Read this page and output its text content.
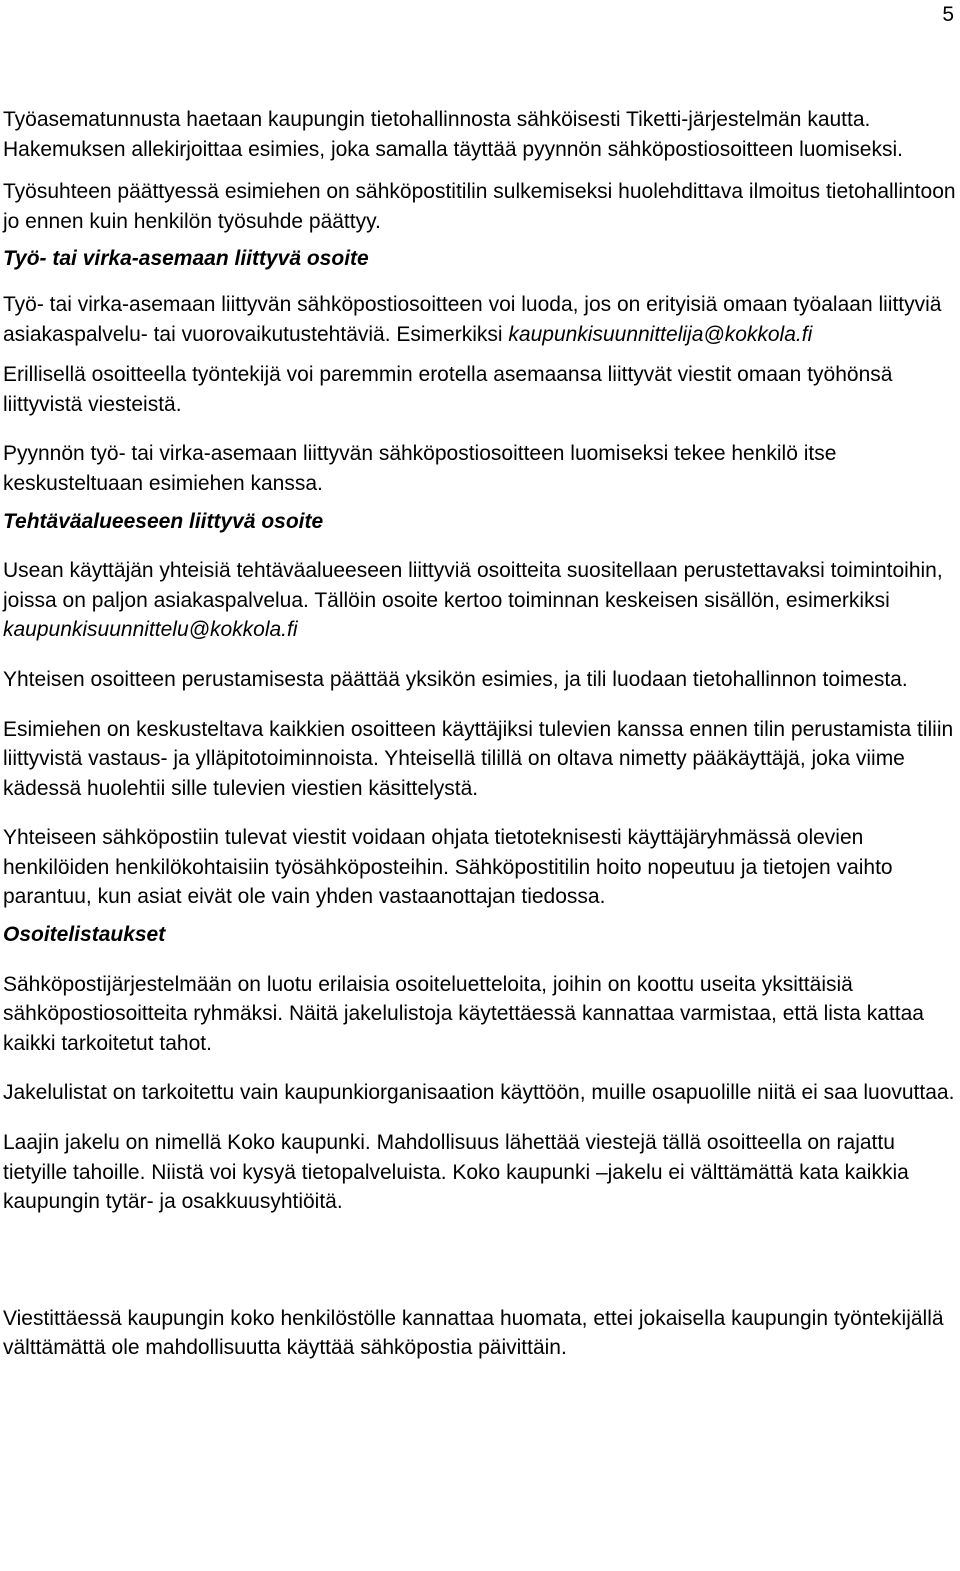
5

Työasematunnusta haetaan kaupungin tietohallinnosta sähköisesti Tiketti-järjestelmän kautta. Hakemuksen allekirjoittaa esimies, joka samalla täyttää pyynnön sähköpostiosoitteen luomiseksi.

Työsuhteen päättyessä esimiehen on sähköpostitilin sulkemiseksi huolehdittava ilmoitus tietohallintoon jo ennen kuin henkilön työsuhde päättyy.

Työ- tai virka-asemaan liittyvä osoite

Työ- tai virka-asemaan liittyvän sähköpostiosoitteen voi luoda, jos on erityisiä omaan työalaan liittyviä asiakaspalvelu- tai vuorovaikutustehtäviä. Esimerkiksi kaupunkisuunnittelija@kokkola.fi

Erillisellä osoitteella työntekijä voi paremmin erotella asemaansa liittyvät viestit omaan työhönsä liittyvistä viesteistä.

Pyynnön työ- tai virka-asemaan liittyvän sähköpostiosoitteen luomiseksi tekee henkilö itse keskusteltuaan esimiehen kanssa.

Tehtäväalueeseen liittyvä osoite

Usean käyttäjän yhteisiä tehtäväalueeseen liittyviä osoitteita suositellaan perustettavaksi toimintoihin, joissa on paljon asiakaspalvelua. Tällöin osoite kertoo toiminnan keskeisen sisällön, esimerkiksi kaupunkisuunnittelu@kokkola.fi

Yhteisen osoitteen perustamisesta päättää yksikön esimies, ja tili luodaan tietohallinnon toimesta.

Esimiehen on keskusteltava kaikkien osoitteen käyttäjiksi tulevien kanssa ennen tilin perustamista tiliin liittyvistä vastaus- ja ylläpitotoiminnoista. Yhteisellä tilillä on oltava nimetty pääkäyttäjä, joka viime kädessä huolehtii sille tulevien viestien käsittelystä.

Yhteiseen sähköpostiin tulevat viestit voidaan ohjata tietoteknisesti käyttäjäryhmässä olevien henkilöiden henkilökohtaisiin työsähköposteihin. Sähköpostitilin hoito nopeutuu ja tietojen vaihto parantuu, kun asiat eivät ole vain yhden vastaanottajan tiedossa.

Osoitelistaukset

Sähköpostijärjestelmään on luotu erilaisia osoiteluetteloita, joihin on koottu useita yksittäisiä sähköpostiosoitteita ryhmäksi. Näitä jakelulistoja käytettäessä kannattaa varmistaa, että lista kattaa kaikki tarkoitetut tahot.

Jakelulistat on tarkoitettu vain kaupunkiorganisaation käyttöön, muille osapuolille niitä ei saa luovuttaa.

Laajin jakelu on nimellä Koko kaupunki. Mahdollisuus lähettää viestejä tällä osoitteella on rajattu tietyille tahoille. Niistä voi kysyä tietopalveluista. Koko kaupunki –jakelu ei välttämättä kata kaikkia kaupungin tytär- ja osakkuusyhtiöitä.

Viestittäessä kaupungin koko henkilöstölle kannattaa huomata, ettei jokaisella kaupungin työntekijällä välttämättä ole mahdollisuutta käyttää sähköpostia päivittäin.
